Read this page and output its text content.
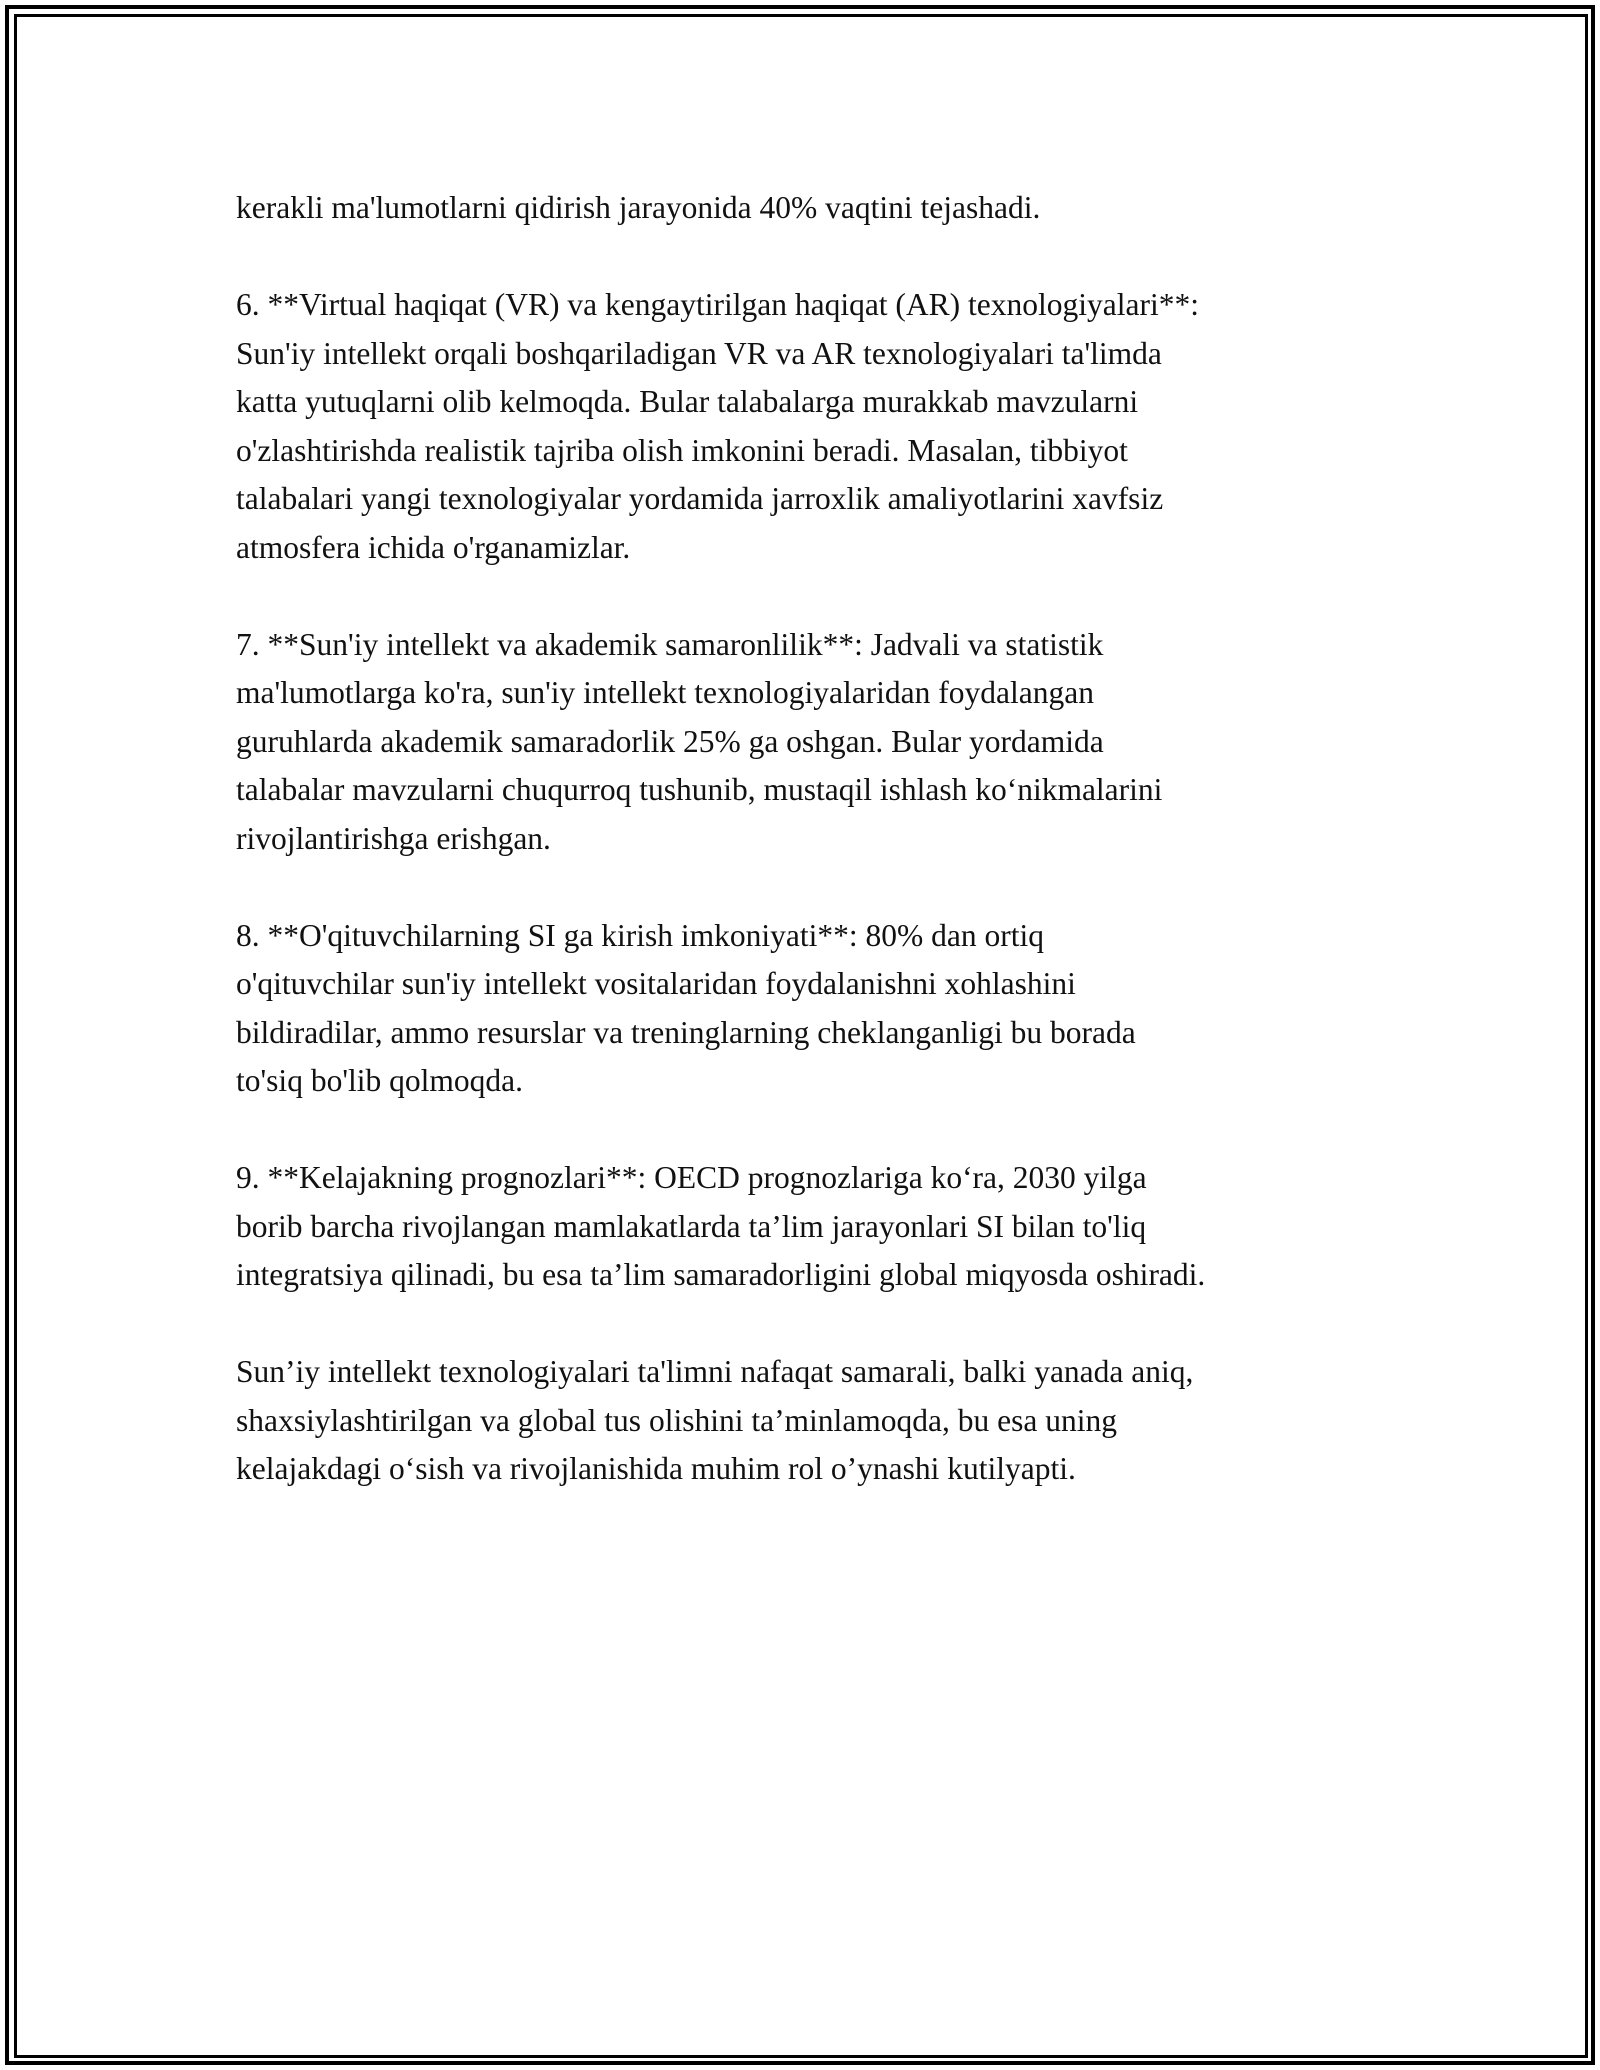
kerakli ma'lumotlarni qidirish jarayonida 40% vaqtini tejashadi.

6. **Virtual haqiqat (VR) va kengaytirilgan haqiqat (AR) texnologiyalari**:
Sun'iy intellekt orqali boshqariladigan VR va AR texnologiyalari ta'limda
katta yutuqlarni olib kelmoqda. Bular talabalarga murakkab mavzularni
o'zlashtirishda realistik tajriba olish imkonini beradi. Masalan, tibbiyot
talabalari yangi texnologiyalar yordamida jarroxlik amaliyotlarini xavfsiz
atmosfera ichida o'rganamizlar.

7. **Sun'iy intellekt va akademik samaronlilik**: Jadvali va statistik
ma'lumotlarga ko'ra, sun'iy intellekt texnologiyalaridan foydalangan
guruhlarda akademik samaradorlik 25% ga oshgan. Bular yordamida
talabalar mavzularni chuqurroq tushunib, mustaqil ishlash ko‘nikmalarini
rivojlantirishga erishgan.

8. **O'qituvchilarning SI ga kirish imkoniyati**: 80% dan ortiq
o'qituvchilar sun'iy intellekt vositalaridan foydalanishni xohlashini
bildiradilar, ammo resurslar va treninglarning cheklanganligi bu borada
to'siq bo'lib qolmoqda.

9. **Kelajakning prognozlari**: OECD prognozlariga ko‘ra, 2030 yilga
borib barcha rivojlangan mamlakatlarda ta’lim jarayonlari SI bilan to'liq
integratsiya qilinadi, bu esa ta’lim samaradorligini global miqyosda oshiradi.

Sun’iy intellekt texnologiyalari ta'limni nafaqat samarali, balki yanada aniq,
shaxsiylashtirilgan va global tus olishini ta’minlamoqda, bu esa uning
kelajakdagi o‘sish va rivojlanishida muhim rol o’ynashi kutilyapti.
